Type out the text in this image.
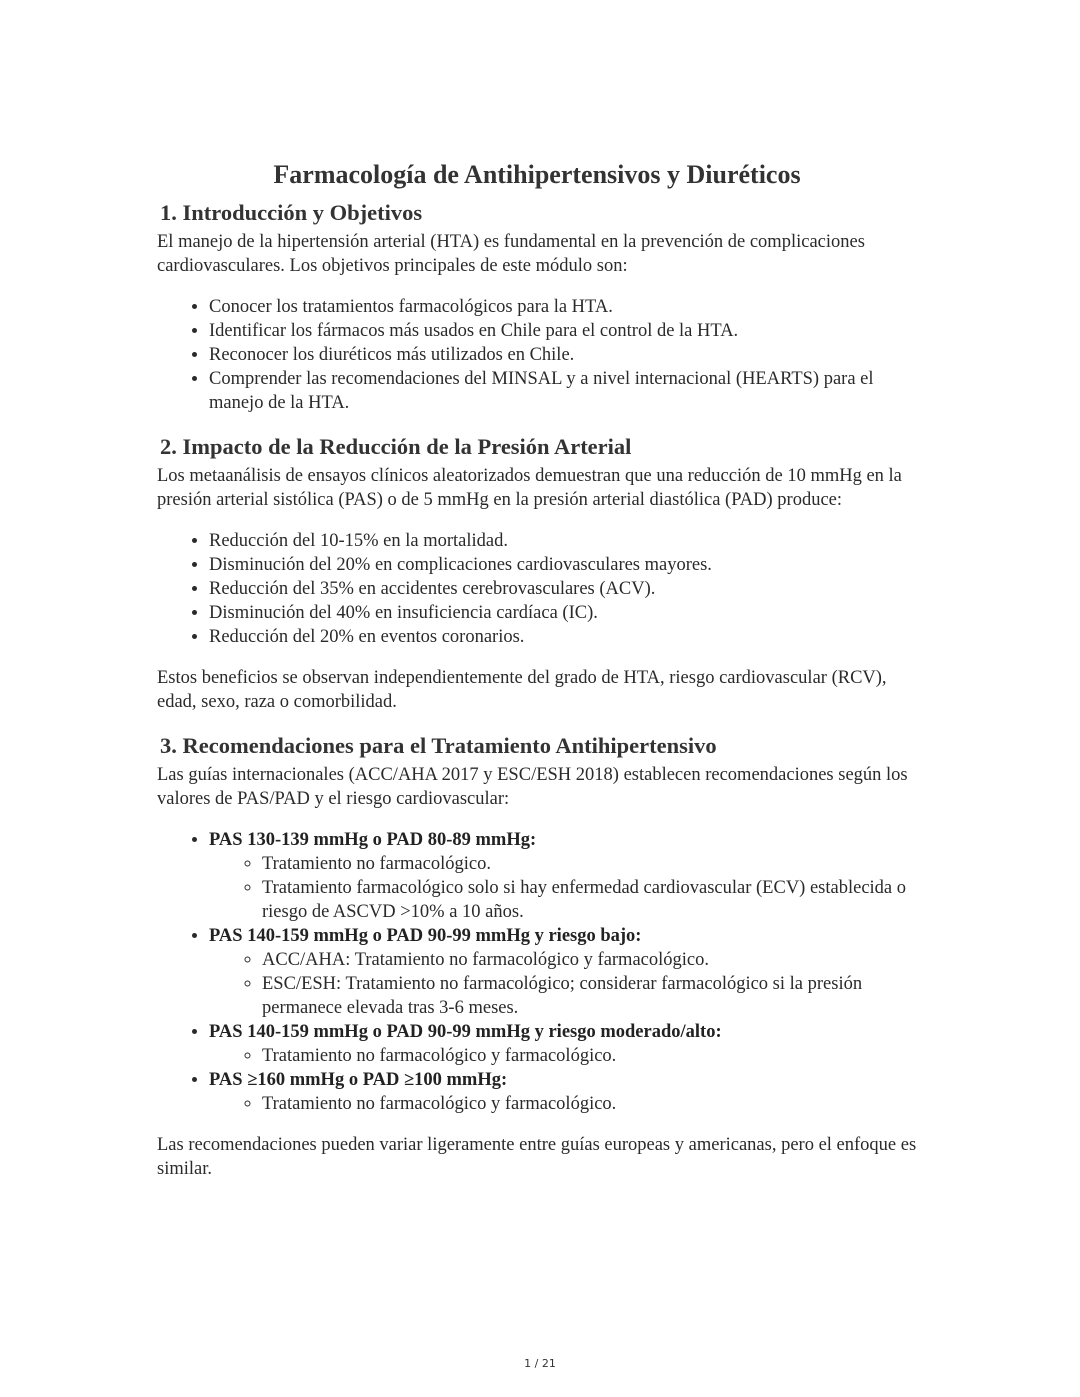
Farmacología de Antihipertensivos y Diuréticos
1. Introducción y Objetivos

El manejo de la hipertensión arterial (HTA) es fundamental en la prevención de complicaciones cardiovasculares. Los objetivos principales de este módulo son:

• Conocer los tratamientos farmacológicos para la HTA.
• Identificar los fármacos más usados en Chile para el control de la HTA.
• Reconocer los diuréticos más utilizados en Chile.
• Comprender las recomendaciones del MINSAL y a nivel internacional (HEARTS) para el manejo de la HTA.
2. Impacto de la Reducción de la Presión Arterial

Los metaanálisis de ensayos clínicos aleatorizados demuestran que una reducción de 10 mmHg en la presión arterial sistólica (PAS) o de 5 mmHg en la presión arterial diastólica (PAD) produce:

• Reducción del 10-15% en la mortalidad.
• Disminución del 20% en complicaciones cardiovasculares mayores.
• Reducción del 35% en accidentes cerebrovasculares (ACV).
• Disminución del 40% en insuficiencia cardíaca (IC).
• Reducción del 20% en eventos coronarios.

Estos beneficios se observan independientemente del grado de HTA, riesgo cardiovascular (RCV), edad, sexo, raza o comorbilidad.

3. Recomendaciones para el Tratamiento Antihipertensivo

Las guías internacionales (ACC/AHA 2017 y ESC/ESH 2018) establecen recomendaciones según los valores de PAS/PAD y el riesgo cardiovascular:

• PAS 130-139 mmHg o PAD 80-89 mmHg:
◦ Tratamiento no farmacológico.
◦ Tratamiento farmacológico solo si hay enfermedad cardiovascular (ECV) establecida o riesgo de ASCVD >10% a 10 años.
• PAS 140-159 mmHg o PAD 90-99 mmHg y riesgo bajo:
◦ ACC/AHA: Tratamiento no farmacológico y farmacológico.
◦ ESC/ESH: Tratamiento no farmacológico; considerar farmacológico si la presión permanece elevada tras 3-6 meses.
• PAS 140-159 mmHg o PAD 90-99 mmHg y riesgo moderado/alto:
◦ Tratamiento no farmacológico y farmacológico.
• PAS ≥160 mmHg o PAD ≥100 mmHg:
◦ Tratamiento no farmacológico y farmacológico.

Las recomendaciones pueden variar ligeramente entre guías europeas y americanas, pero el enfoque es similar.

1 / 21
